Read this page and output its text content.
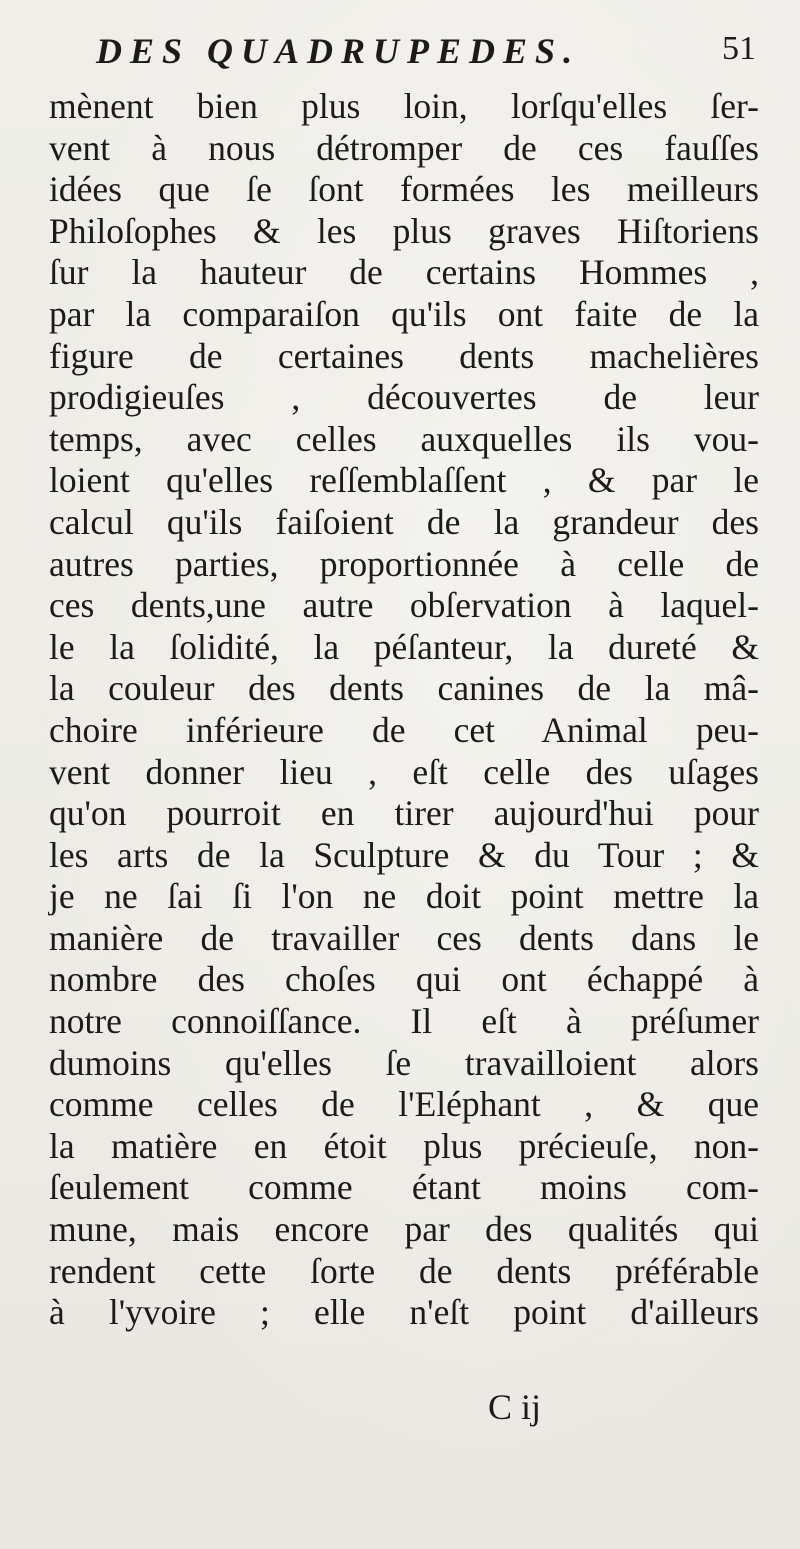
DES QUADRUPEDES.	51
mènent bien plus loin, lorſqu'elles ſer-
vent à nous détromper de ces fauſſes
idées que ſe ſont formées les meilleurs
Philoſophes & les plus graves Hiſtoriens
ſur la hauteur de certains Hommes ,
par la comparaiſon qu'ils ont faite de la
figure de certaines dents machelières
prodigieuſes , découvertes de leur
temps, avec celles auxquelles ils vou-
loient qu'elles reſſemblaſſent , & par le
calcul qu'ils faiſoient de la grandeur des
autres parties, proportionnée à celle de
ces dents,une autre obſervation à laquel-
le la ſolidité, la péſanteur, la dureté &
la couleur des dents canines de la mâ-
choire inférieure de cet Animal peu-
vent donner lieu , eſt celle des uſages
qu'on pourroit en tirer aujourd'hui pour
les arts de la Sculpture & du Tour ; &
je ne ſai ſi l'on ne doit point mettre la
manière de travailler ces dents dans le
nombre des choſes qui ont échappé à
notre connoiſſance. Il eſt à préſumer
dumoins qu'elles ſe travailloient alors
comme celles de l'Eléphant , & que
la matière en étoit plus précieuſe, non-
ſeulement comme étant moins com-
mune, mais encore par des qualités qui
rendent cette ſorte de dents préférable
à l'yvoire ; elle n'eſt point d'ailleurs
C ij
